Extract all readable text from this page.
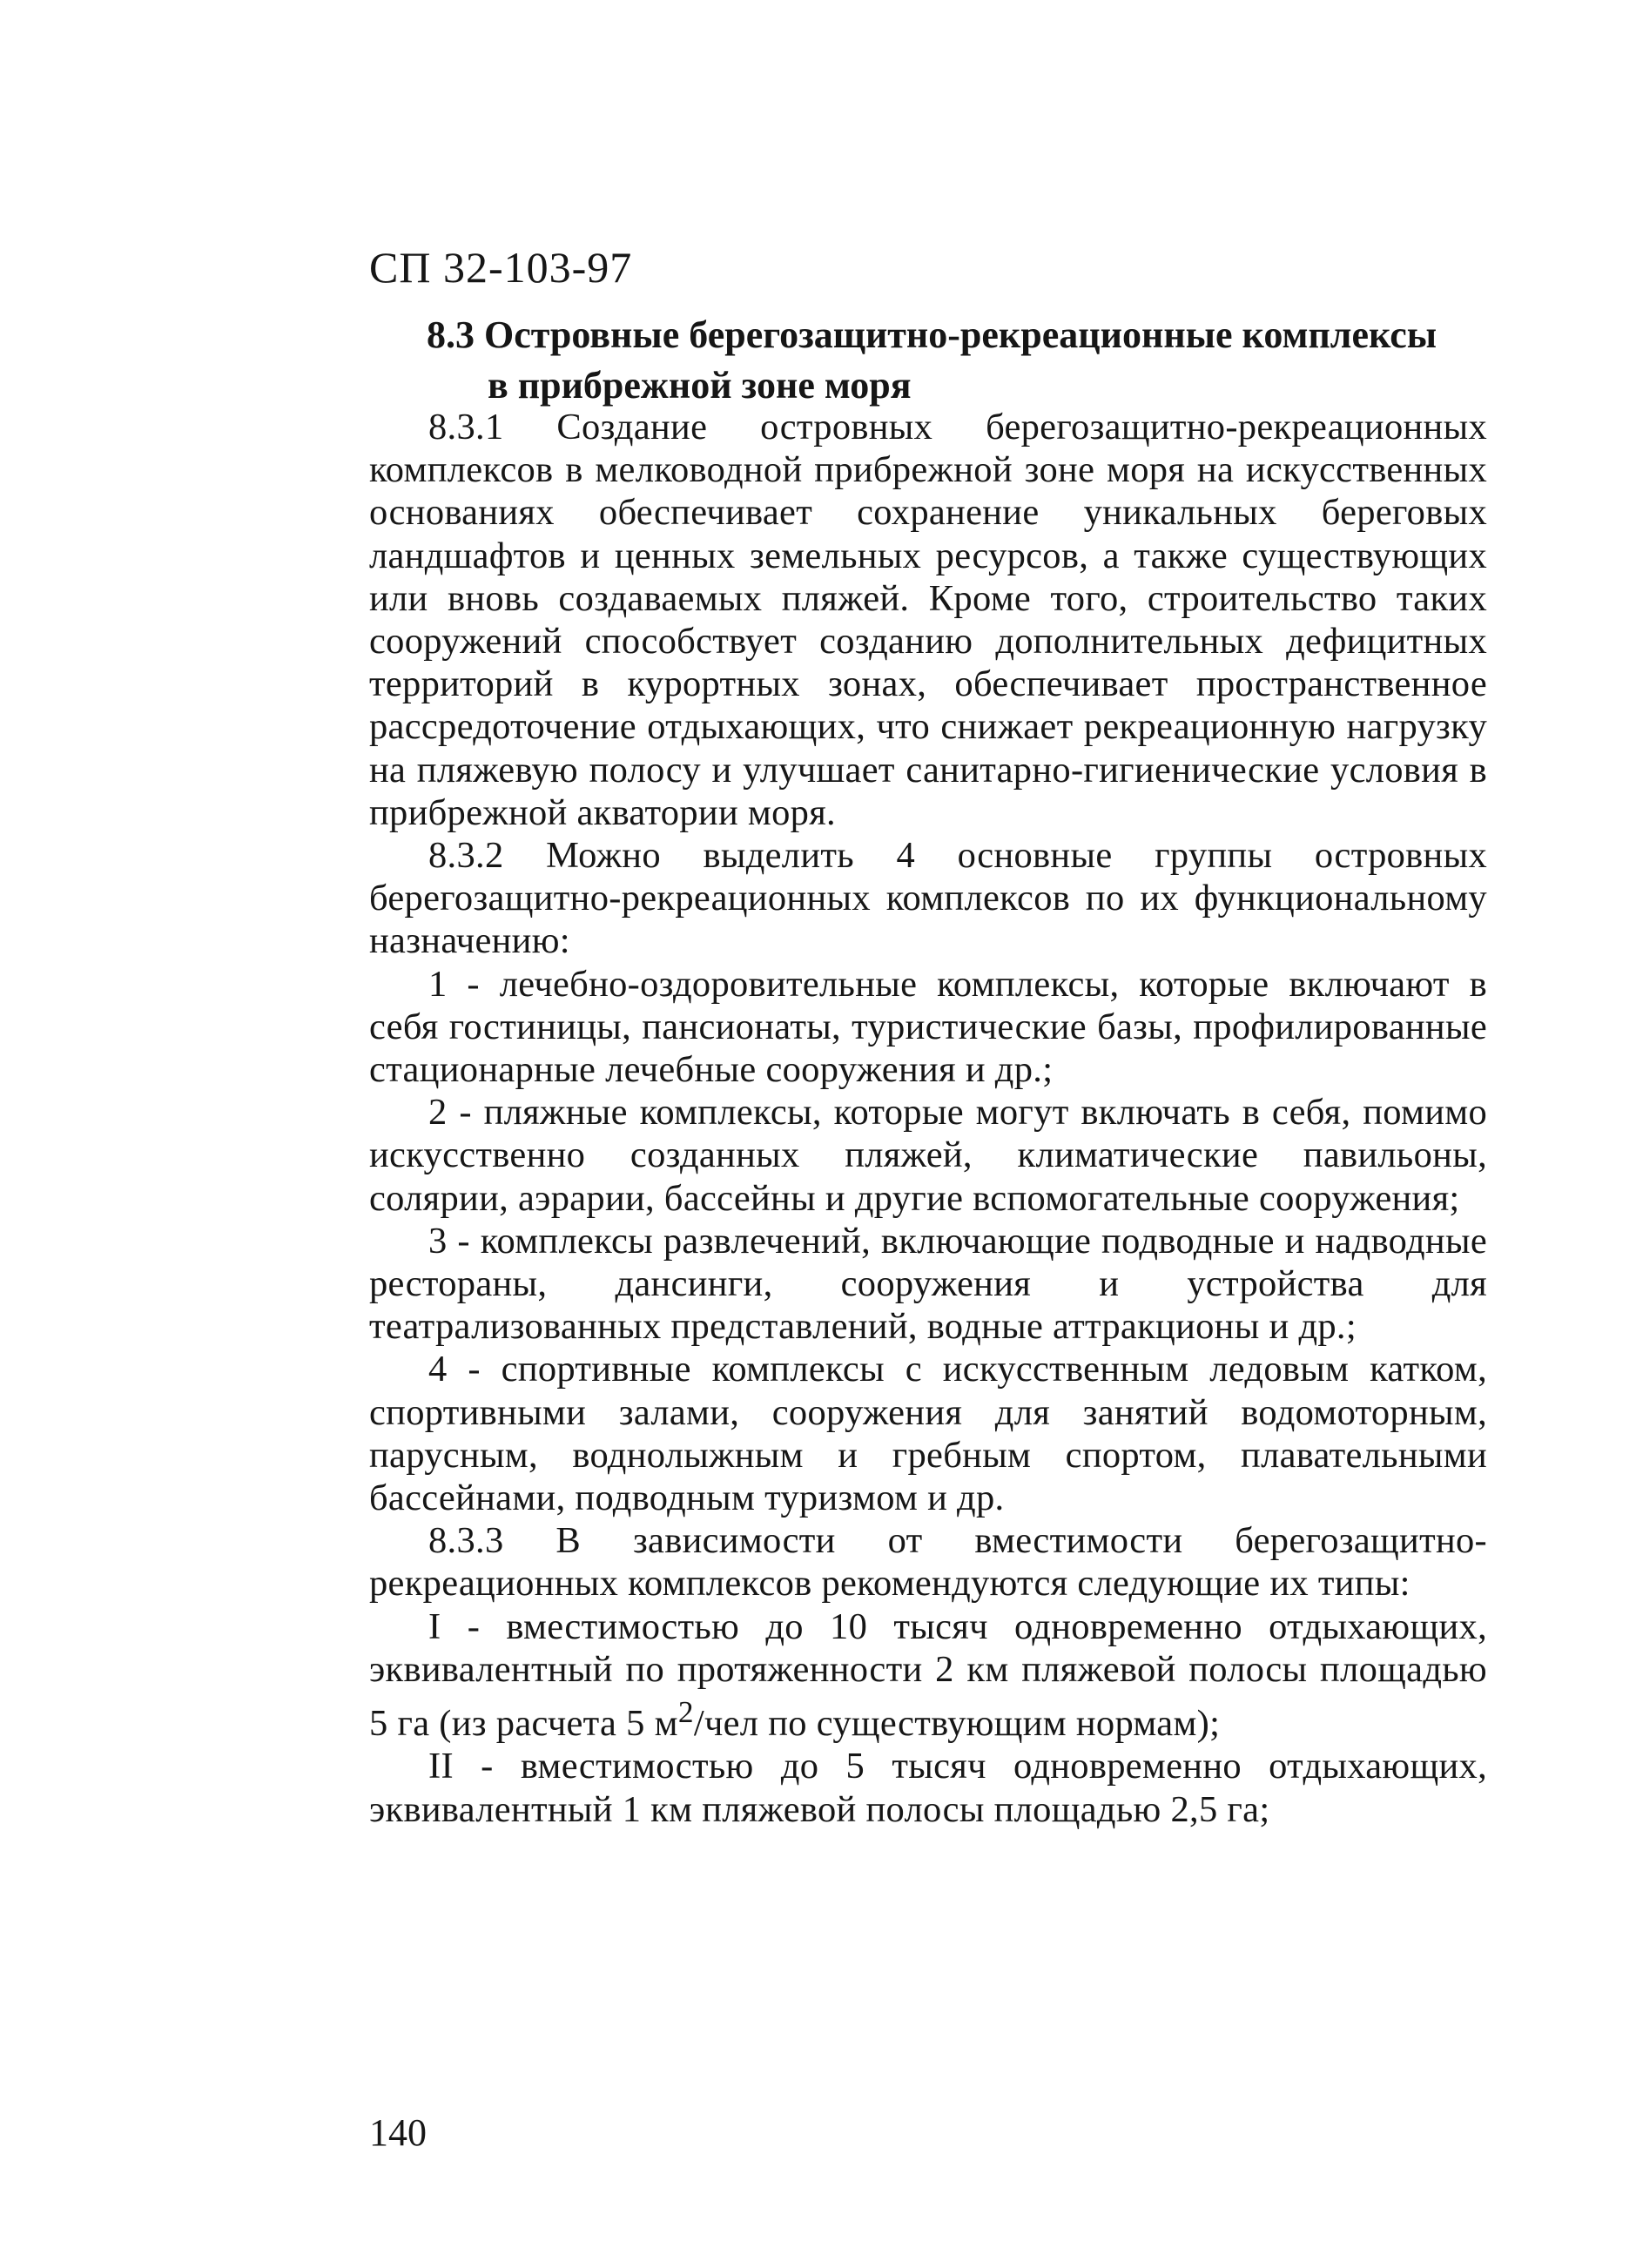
СП 32-103-97

8.3 Островные берегозащитно-рекреационные комплексы
в прибрежной зоне моря

8.3.1 Создание островных берегозащитно-рекреационных комплексов в мелководной прибрежной зоне моря на искусственных основаниях обеспечивает сохранение уникальных береговых ландшафтов и ценных земельных ресурсов, а также существующих или вновь создаваемых пляжей. Кроме того, строительство таких сооружений способствует созданию дополнительных дефицитных территорий в курортных зонах, обеспечивает пространственное рассредоточение отдыхающих, что снижает рекреационную нагрузку на пляжевую полосу и улучшает санитарно-гигиенические условия в прибрежной акватории моря.

8.3.2 Можно выделить 4 основные группы островных берегозащитно-рекреационных комплексов по их функциональному назначению:

1 - лечебно-оздоровительные комплексы, которые включают в себя гостиницы, пансионаты, туристические базы, профилированные стационарные лечебные сооружения и др.;

2 - пляжные комплексы, которые могут включать в себя, помимо искусственно созданных пляжей, климатические павильоны, солярии, аэрарии, бассейны и другие вспомогательные сооружения;

3 - комплексы развлечений, включающие подводные и надводные рестораны, дансинги, сооружения и устройства для театрализованных представлений, водные аттракционы и др.;

4 - спортивные комплексы с искусственным ледовым катком, спортивными залами, сооружения для занятий водомоторным, парусным, воднолыжным и гребным спортом, плавательными бассейнами, подводным туризмом и др.

8.3.3 В зависимости от вместимости берегозащитно-рекреационных комплексов рекомендуются следующие их типы:

I - вместимостью до 10 тысяч одновременно отдыхающих, эквивалентный по протяженности 2 км пляжевой полосы площадью 5 га (из расчета 5 $м^2$/чел по существующим нормам);

II - вместимостью до 5 тысяч одновременно отдыхающих, эквивалентный 1 км пляжевой полосы площадью 2,5 га;

140
